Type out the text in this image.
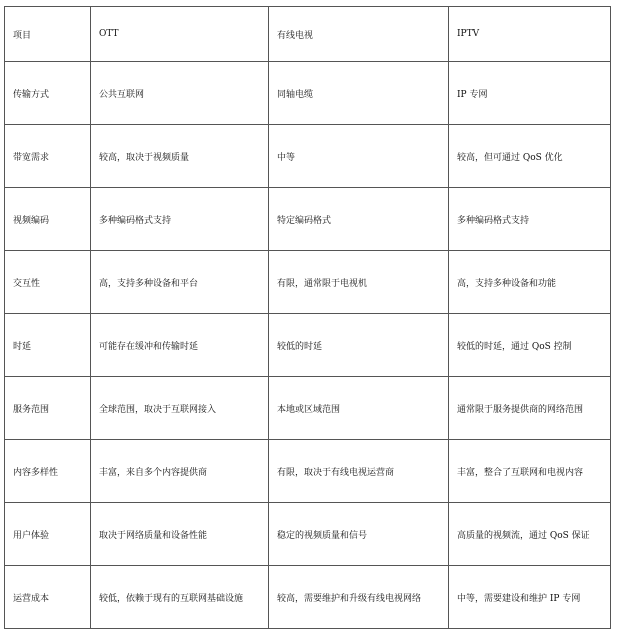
项目	OTT	有线电视	IPTV
传输方式	公共互联网	同轴电缆	IP 专网
带宽需求	较高，取决于视频质量	中等	较高，但可通过 QoS 优化
视频编码	多种编码格式支持	特定编码格式	多种编码格式支持
交互性	高，支持多种设备和平台	有限，通常限于电视机	高，支持多种设备和功能
时延	可能存在缓冲和传输时延	较低的时延	较低的时延，通过 QoS 控制
服务范围	全球范围，取决于互联网接入	本地或区域范围	通常限于服务提供商的网络范围
内容多样性	丰富，来自多个内容提供商	有限，取决于有线电视运营商	丰富，整合了互联网和电视内容
用户体验	取决于网络质量和设备性能	稳定的视频质量和信号	高质量的视频流，通过 QoS 保证
运营成本	较低，依赖于现有的互联网基础设施	较高，需要维护和升级有线电视网络	中等，需要建设和维护 IP 专网
